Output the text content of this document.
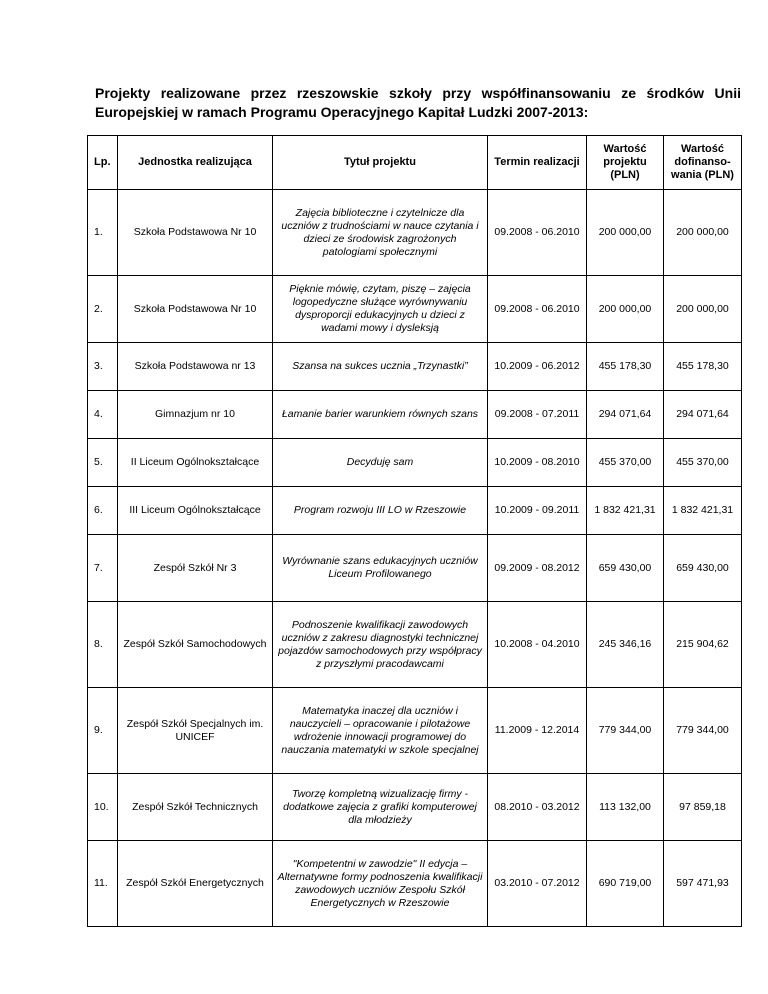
Projekty realizowane przez rzeszowskie szkoły przy współfinansowaniu ze środków Unii Europejskiej w ramach Programu Operacyjnego Kapitał Ludzki 2007-2013:
Lp.	Jednostka realizująca	Tytuł projektu	Termin realizacji	Wartość projektu (PLN)	Wartość dofinanso-wania (PLN)
1.	Szkoła Podstawowa Nr 10	Zajęcia biblioteczne i czytelnicze dla uczniów z trudnościami w nauce czytania i dzieci ze środowisk zagrożonych patologiami społecznymi	09.2008 - 06.2010	200 000,00	200 000,00
2.	Szkoła Podstawowa Nr 10	Pięknie mówię, czytam, piszę – zajęcia logopedyczne służące wyrównywaniu dysproporcji edukacyjnych u dzieci z wadami mowy i dysleksją	09.2008 - 06.2010	200 000,00	200 000,00
3.	Szkoła Podstawowa nr 13	Szansa na sukces ucznia „Trzynastki”	10.2009 - 06.2012	455 178,30	455 178,30
4.	Gimnazjum nr 10	Łamanie barier warunkiem równych szans	09.2008 - 07.2011	294 071,64	294 071,64
5.	II Liceum Ogólnokształcące	Decyduję sam	10.2009 - 08.2010	455 370,00	455 370,00
6.	III Liceum Ogólnokształcące	Program rozwoju III LO w Rzeszowie	10.2009 - 09.2011	1 832 421,31	1 832 421,31
7.	Zespół Szkół Nr 3	Wyrównanie szans edukacyjnych uczniów Liceum Profilowanego	09.2009 - 08.2012	659 430,00	659 430,00
8.	Zespół Szkół Samochodowych	Podnoszenie kwalifikacji zawodowych uczniów z zakresu diagnostyki technicznej pojazdów samochodowych przy współpracy z przyszłymi pracodawcami	10.2008 - 04.2010	245 346,16	215 904,62
9.	Zespół Szkół Specjalnych im. UNICEF	Matematyka inaczej dla uczniów i nauczycieli – opracowanie i pilotażowe wdrożenie innowacji programowej do nauczania matematyki w szkole specjalnej	11.2009 - 12.2014	779 344,00	779 344,00
10.	Zespół Szkół Technicznych	Tworzę kompletną wizualizację firmy - dodatkowe zajęcia z grafiki komputerowej dla młodzieży	08.2010 - 03.2012	113 132,00	97 859,18
11.	Zespół Szkół Energetycznych	"Kompetentni w zawodzie" II edycja – Alternatywne formy podnoszenia kwalifikacji zawodowych uczniów Zespołu Szkół Energetycznych w Rzeszowie	03.2010 - 07.2012	690 719,00	597 471,93
